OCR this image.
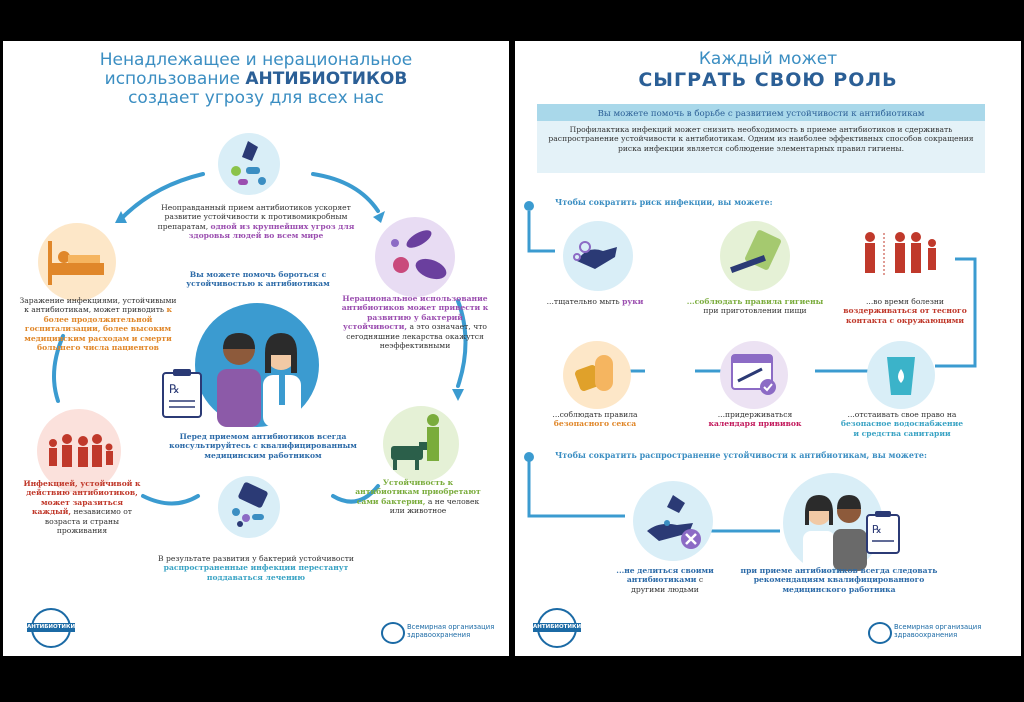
Ненадлежащее и нерациональное
использование АНТИБИОТИКОВ
создает угрозу для всех нас
Неоправданный прием антибиотиков ускоряет развитие устойчивости к противомикробным препаратам, одной из крупнейших угроз для здоровья людей во всем мире
Заражение инфекциями, устойчивыми к антибиотикам, может приводить к более продолжительной госпитализации, более высоким медицинским расходам и смерти большего числа пациентов
Нерациональное использование антибиотиков может привести к развитию у бактерий устойчивости, а это означает, что сегодняшние лекарства окажутся неэффективными
Вы можете помочь бороться с устойчивостью к антибиотикам
℞
Перед приемом антибиотиков всегда консультируйтесь с квалифицированным медицинским работником
Инфекцией, устойчивой к действию антибиотиков, может заразиться каждый, независимо от возраста и страны проживания
Устойчивость к антибиотикам приобретают сами бактерии, а не человек или животное
В результате развития у бактерий устойчивости распространенные инфекции перестанут поддаваться лечению
АНТИБИОТИКИ	Всемирная организация
здравоохранения
Каждый может
СЫГРАТЬ СВОЮ РОЛЬ
Вы можете помочь в борьбе с развитием устойчивости к антибиотикам
Профилактика инфекций может снизить необходимость в приеме антибиотиков и сдерживать распространение устойчивости к антибиотикам. Одним из наиболее эффективных способов сокращения риска инфекции является соблюдение элементарных правил гигиены.
Чтобы сократить риск инфекции, вы можете:
...тщательно мыть руки	...соблюдать правила гигиены при приготовлении пищи
...во время болезни воздерживаться от тесного контакта с окружающими
...соблюдать правила безопасного секса
...придерживаться календаря прививок
...отстаивать свое право на безопасное водоснабжение и средства санитарии
Чтобы сократить распространение устойчивости к антибиотикам, вы можете:
...не делиться своими антибиотиками с другими людьми
℞
при приеме антибиотиков всегда следовать рекомендациям квалифицированного медицинского работника
АНТИБИОТИКИ	Всемирная организация
здравоохранения
